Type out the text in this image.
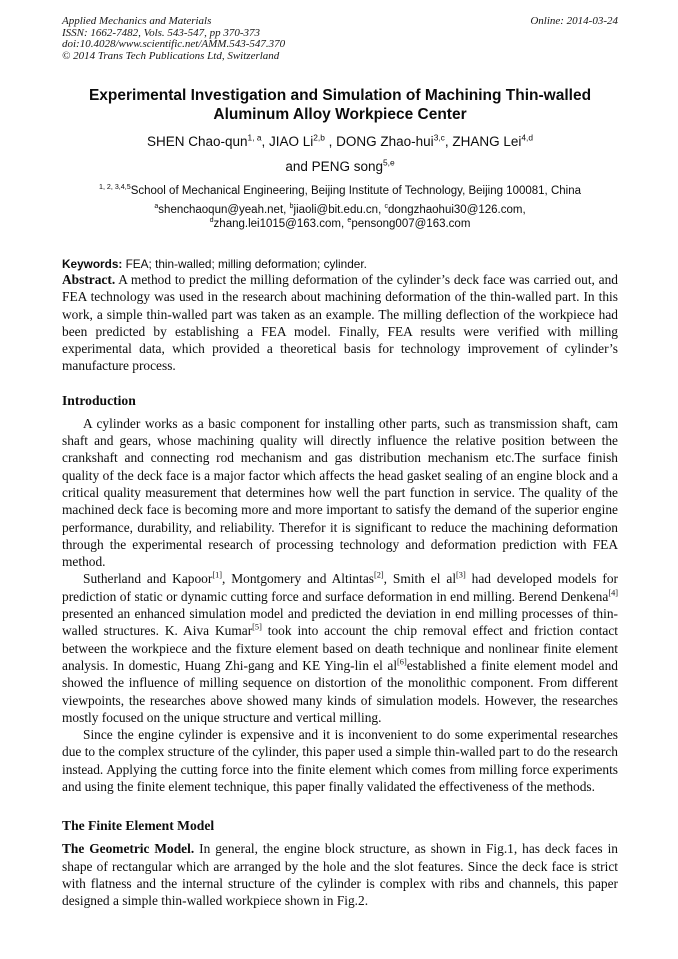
Applied Mechanics and Materials
ISSN: 1662-7482, Vols. 543-547, pp 370-373
doi:10.4028/www.scientific.net/AMM.543-547.370
© 2014 Trans Tech Publications Ltd, Switzerland
Online: 2014-03-24
Experimental Investigation and Simulation of Machining Thin-walled
Aluminum Alloy Workpiece Center
SHEN Chao-qun$^{1, a}$, JIAO Li$^{2,b}$ , DONG Zhao-hui$^{3,c}$, ZHANG Lei$^{4,d}$
and PENG song$^{5,e}$
$^{1, 2, 3,4,5}$School of Mechanical Engineering, Beijing Institute of Technology, Beijing 100081, China
$^a$shenchaoqun@yeah.net, $^b$jiaoli@bit.edu.cn, $^c$dongzhaohui30@126.com,
$^d$zhang.lei1015@163.com, $^e$pensong007@163.com
Keywords: FEA; thin-walled; milling deformation; cylinder.

Abstract. A method to predict the milling deformation of the cylinder’s deck face was carried out, and FEA technology was used in the research about machining deformation of the thin-walled part. In this work, a simple thin-walled part was taken as an example. The milling deflection of the workpiece had been predicted by establishing a FEA model. Finally, FEA results were verified with milling experimental data, which provided a theoretical basis for technology improvement of cylinder’s manufacture process.

Introduction

A cylinder works as a basic component for installing other parts, such as transmission shaft, cam shaft and gears, whose machining quality will directly influence the relative position between the crankshaft and connecting rod mechanism and gas distribution mechanism etc.The surface finish quality of the deck face is a major factor which affects the head gasket sealing of an engine block and a critical quality measurement that determines how well the part function in service. The quality of the machined deck face is becoming more and more important to satisfy the demand of the superior engine performance, durability, and reliability. Therefor it is significant to reduce the machining deformation through the experimental research of processing technology and deformation prediction with FEA method.

Sutherland and Kapoor[1], Montgomery and Altintas[2], Smith el al[3] had developed models for prediction of static or dynamic cutting force and surface deformation in end milling. Berend Denkena[4] presented an enhanced simulation model and predicted the deviation in end milling processes of thin-walled structures. K. Aiva Kumar[5] took into account the chip removal effect and friction contact between the workpiece and the fixture element based on death technique and nonlinear finite element analysis. In domestic, Huang Zhi-gang and KE Ying-lin el al[6]established a finite element model and showed the influence of milling sequence on distortion of the monolithic component. From different viewpoints, the researches above showed many kinds of simulation models. However, the researches mostly focused on the unique structure and vertical milling.

Since the engine cylinder is expensive and it is inconvenient to do some experimental researches due to the complex structure of the cylinder, this paper used a simple thin-walled part to do the research instead. Applying the cutting force into the finite element which comes from milling force experiments and using the finite element technique, this paper finally validated the effectiveness of the methods.

The Finite Element Model

The Geometric Model. In general, the engine block structure, as shown in Fig.1, has deck faces in shape of rectangular which are arranged by the hole and the slot features. Since the deck face is strict with flatness and the internal structure of the cylinder is complex with ribs and channels, this paper designed a simple thin-walled workpiece shown in Fig.2.
